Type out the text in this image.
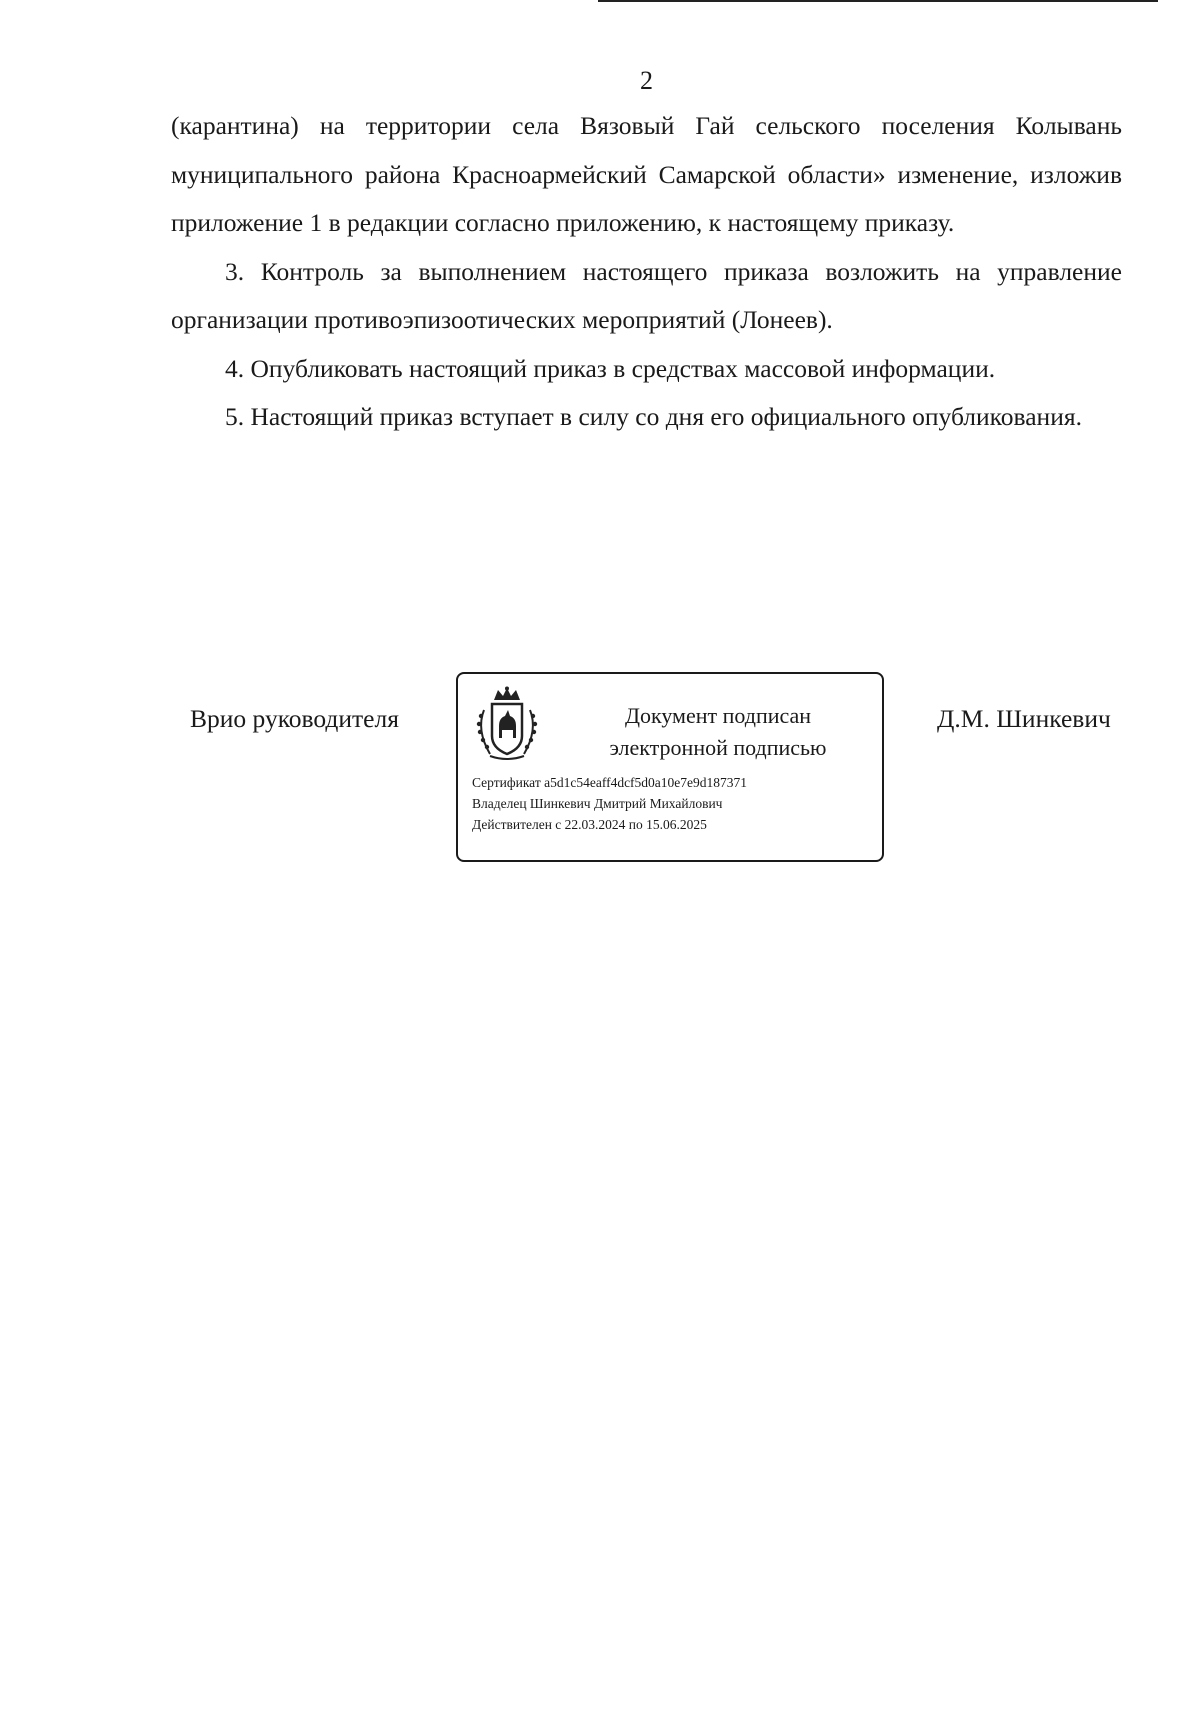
2

(карантина) на территории села Вязовый Гай сельского поселения Колывань муниципального района Красноармейский Самарской области» изменение, изложив приложение 1 в редакции согласно приложению, к настоящему приказу.

3. Контроль за выполнением настоящего приказа возложить на управление организации противоэпизоотических мероприятий (Лонеев).

4. Опубликовать настоящий приказ в средствах массовой информации.

5. Настоящий приказ вступает в силу со дня его официального опубликования.

Врио руководителя	Документ подписан
электронной подписью
Сертификат a5d1c54eaff4dcf5d0a10e7e9d187371
Владелец Шинкевич Дмитрий Михайлович
Действителен с 22.03.2024 по 15.06.2025
Д.М. Шинкевич
